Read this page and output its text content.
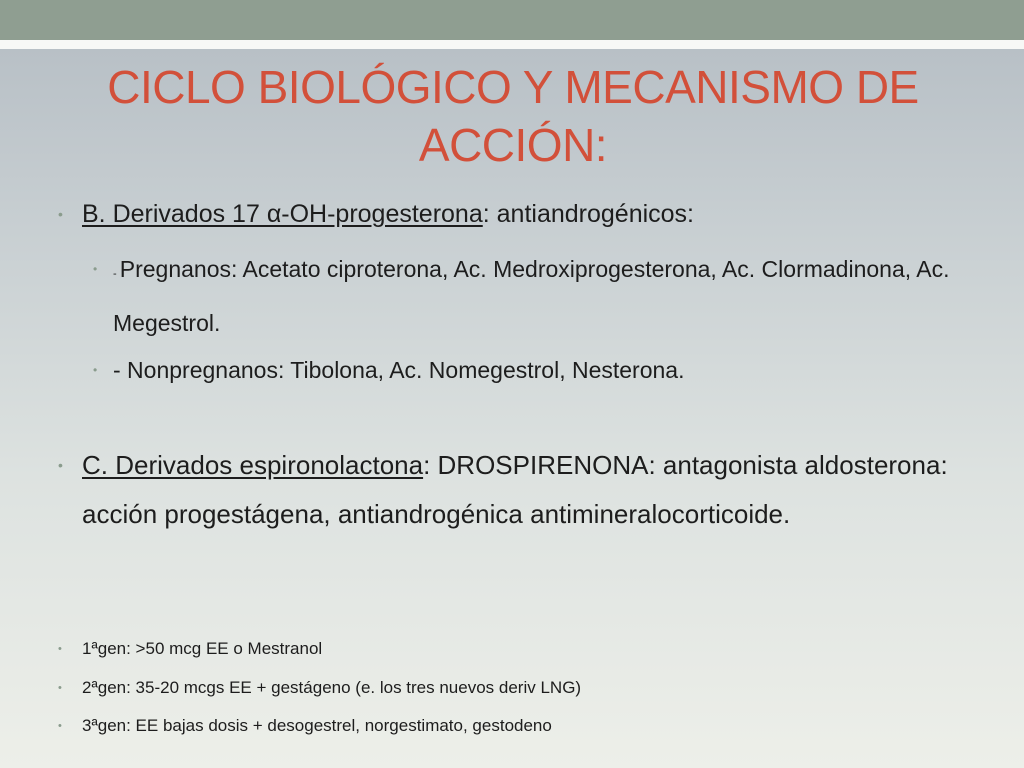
CICLO BIOLÓGICO Y MECANISMO DE ACCIÓN:
• B. Derivados 17 α-OH-progesterona: antiandrogénicos:
• - Pregnanos: Acetato ciproterona, Ac. Medroxiprogesterona, Ac. Clormadinona, Ac. Megestrol.
• - Nonpregnanos: Tibolona, Ac. Nomegestrol, Nesterona.
• C. Derivados espironolactona: DROSPIRENONA: antagonista aldosterona: acción progestágena, antiandrogénica antimineralocorticoide.
• 1ªgen: >50 mcg EE o Mestranol
• 2ªgen: 35-20 mcgs EE + gestágeno (e. los tres nuevos deriv LNG)
• 3ªgen: EE bajas dosis + desogestrel, norgestimato, gestodeno
